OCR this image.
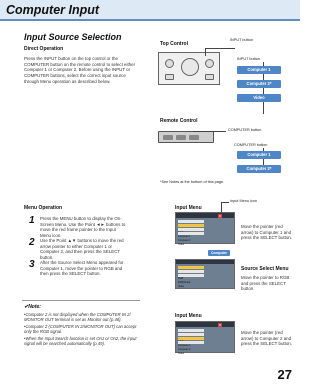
Computer Input
Input Source Selection
Direct Operation
Press the INPUT button on the top control or the COMPUTER button on the remote control to select either Computer 1 or Computer 2. Before using the INPUT or COMPUTER buttons, select the correct input source through Menu operation as described below.
Top Control
INPUT button
INPUT button
Computer 1
Computer 2*
Video
Remote Control
COMPUTER button
COMPUTER button
Computer 1
Computer 2*
*See Notes at the bottom of this page.
Menu Operation
1 Press the MENU button to display the On-Screen Menu. Use the Point ◄► buttons to move the red frame pointer to the Input Menu icon.
2 Use the Point ▲▼ buttons to move the red arrow pointer to either Computer 1 or Computer 2, and then press the SELECT button.
3 After the Source Select Menu appeared for Computer 1, move the pointer to RGB and then press the SELECT button.
Input Menu
Input Menu icon
Computer 1
Computer 2
Video
Move the pointer (red arrow) to Computer 1 and press the SELECT button.
Computer
RGB
RGB(Scart)
Video
Source Select Menu
Move the pointer to RGB and press the SELECT button.
✔Note:
•Computer 2 is not displayed when the COMPUTER IN 2/ MONITOR OUT terminal is set as Monitor out (p.48).
•Computer 2 (COMPUTER IN 2/MONITOR OUT) can accept only the RGB signal.
•When the Input Search function is set On1 or On2, the input signal will be searched automatically (p.49).
Input Menu
Computer 1
Computer 2
Video
Move the pointer (red arrow) to Computer 2 and press the SELECT button.
27
